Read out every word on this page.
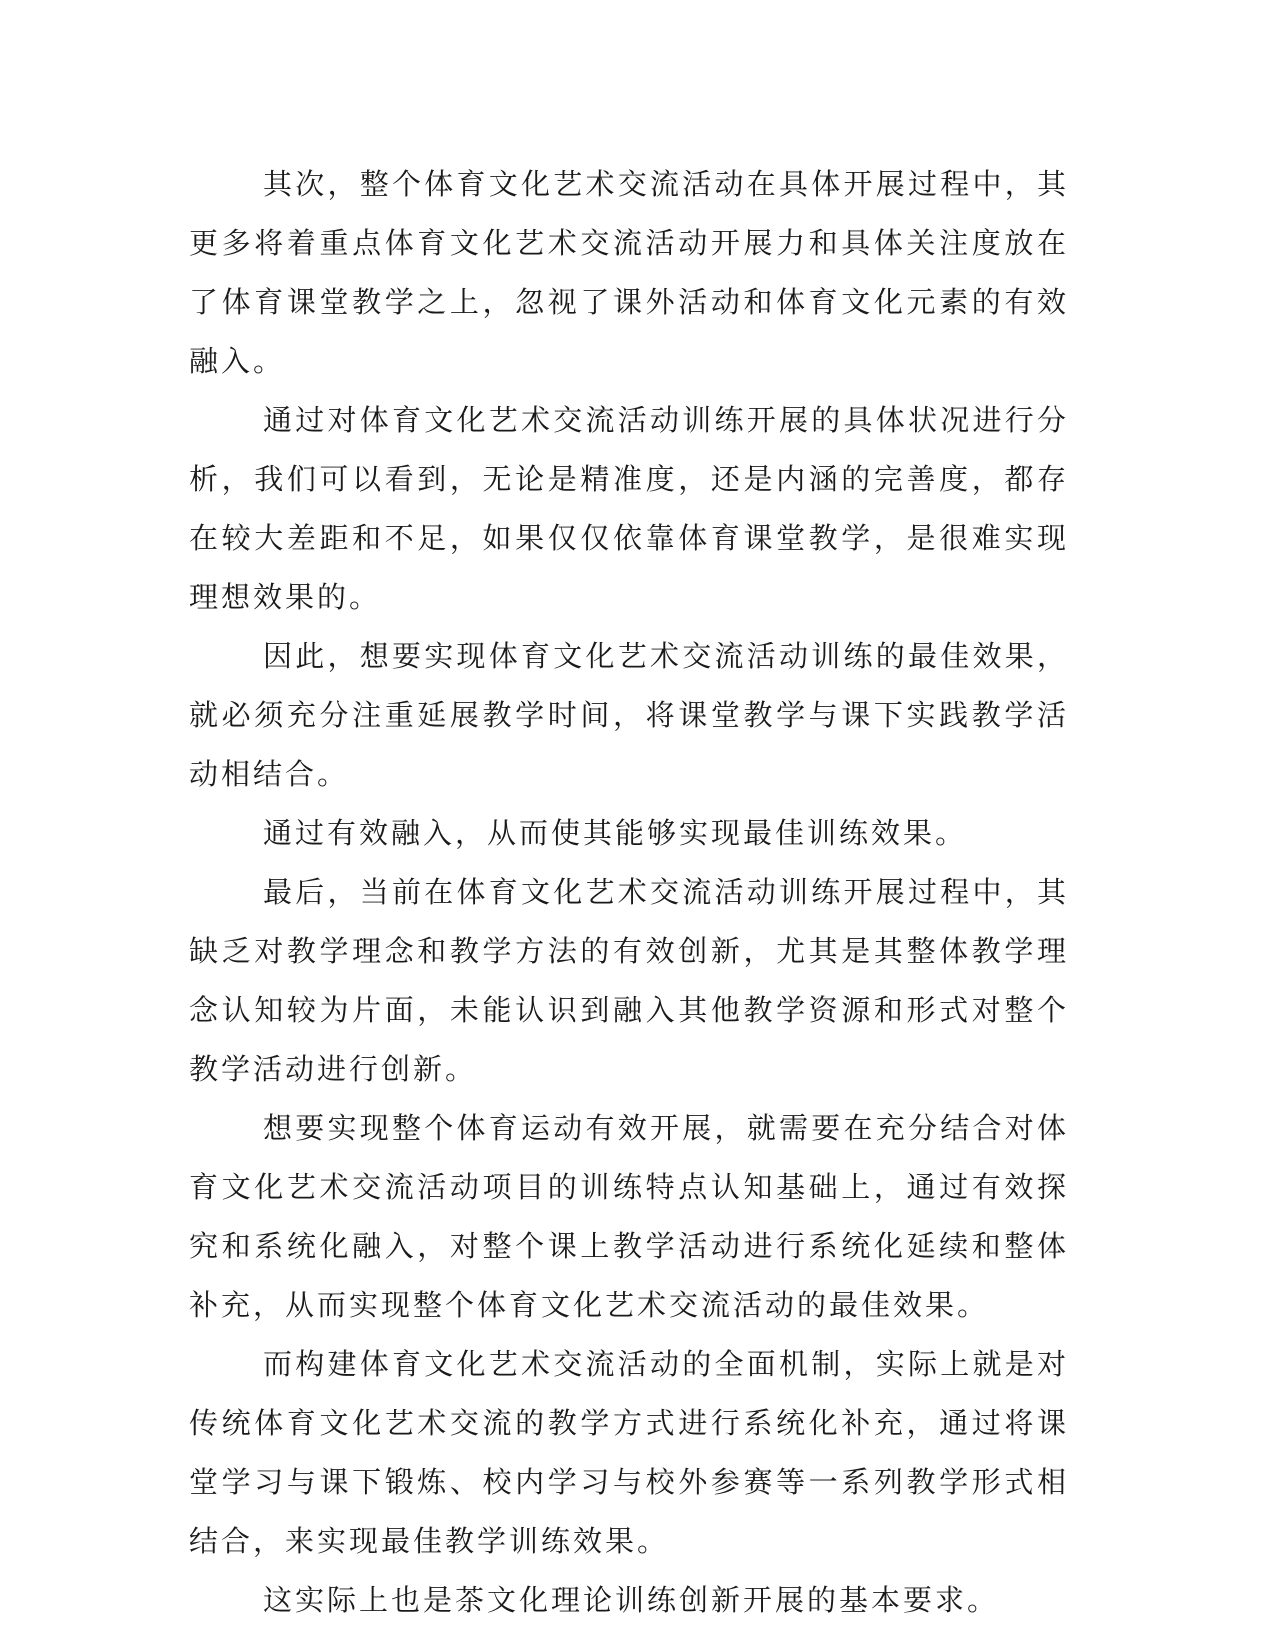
其次，整个体育文化艺术交流活动在具体开展过程中，其更多将着重点体育文化艺术交流活动开展力和具体关注度放在了体育课堂教学之上，忽视了课外活动和体育文化元素的有效融入。

通过对体育文化艺术交流活动训练开展的具体状况进行分析，我们可以看到，无论是精准度，还是内涵的完善度，都存在较大差距和不足，如果仅仅依靠体育课堂教学，是很难实现理想效果的。

因此，想要实现体育文化艺术交流活动训练的最佳效果，就必须充分注重延展教学时间，将课堂教学与课下实践教学活动相结合。

通过有效融入，从而使其能够实现最佳训练效果。

最后，当前在体育文化艺术交流活动训练开展过程中，其缺乏对教学理念和教学方法的有效创新，尤其是其整体教学理念认知较为片面，未能认识到融入其他教学资源和形式对整个教学活动进行创新。

想要实现整个体育运动有效开展，就需要在充分结合对体育文化艺术交流活动项目的训练特点认知基础上，通过有效探究和系统化融入，对整个课上教学活动进行系统化延续和整体补充，从而实现整个体育文化艺术交流活动的最佳效果。

而构建体育文化艺术交流活动的全面机制，实际上就是对传统体育文化艺术交流的教学方式进行系统化补充，通过将课堂学习与课下锻炼、校内学习与校外参赛等一系列教学形式相结合，来实现最佳教学训练效果。

这实际上也是茶文化理论训练创新开展的基本要求。
